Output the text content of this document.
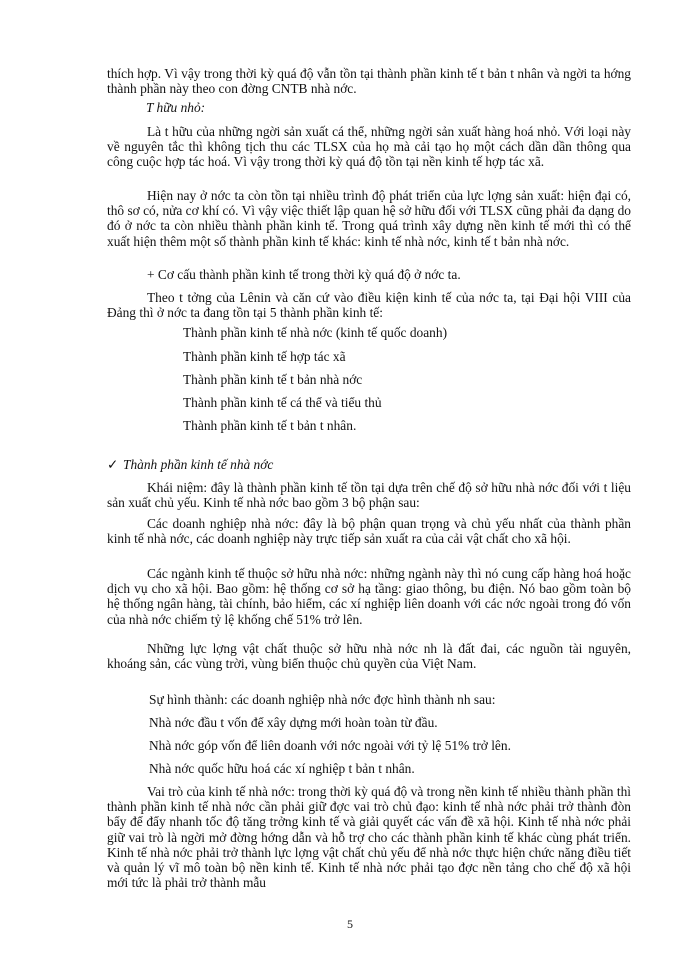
thích hợp. Vì vậy trong thời kỳ quá độ vẫn tồn tại thành phần kinh tế t bản t nhân và ngời ta hớng thành phần này theo con đờng CNTB nhà nớc.

T hữu nhỏ:

Là t hữu của những ngời sản xuất cá thể, những ngời sản xuất hàng hoá nhỏ. Với loại này về nguyên tắc thì không tịch thu các TLSX của họ mà cải tạo họ một cách dần dần thông qua công cuộc hợp tác hoá. Vì vậy trong thời kỳ quá độ tồn tại nền kinh tế hợp tác xã.

Hiện nay ở nớc ta còn tồn tại nhiều trình độ phát triển của lực lợng sản xuất: hiện đại có, thô sơ có, nửa cơ khí có. Vì vậy việc thiết lập quan hệ sở hữu đối với TLSX cũng phải đa dạng do đó ở nớc ta còn nhiều thành phần kinh tế. Trong quá trình xây dựng nền kinh tế mới thì có thể xuất hiện thêm một số thành phần kinh tế khác: kinh tế nhà nớc, kinh tế t bản nhà nớc.

+ Cơ cấu thành phần kinh tế trong thời kỳ quá độ ở nớc ta.

Theo t tởng của Lênin và căn cứ vào điều kiện kinh tế của nớc ta, tại Đại hội VIII của Đảng thì ở nớc ta đang tồn tại 5 thành phần kinh tế:

Thành phần kinh tế nhà nớc (kinh tế quốc doanh)

Thành phần kinh tế hợp tác xã

Thành phần kinh tế t bản nhà nớc

Thành phần kinh tế cá thể và tiểu thủ

Thành phần kinh tế t bản t nhân.

✓ Thành phần kinh tế nhà nớc

Khái niệm: đây là thành phần kinh tế tồn tại dựa trên chế độ sở hữu nhà nớc đối với t liệu sản xuất chủ yếu. Kinh tế nhà nớc bao gồm 3 bộ phận sau:

Các doanh nghiệp nhà nớc: đây là bộ phận quan trọng và chủ yếu nhất của thành phần kinh tế nhà nớc, các doanh nghiệp này trực tiếp sản xuất ra của cải vật chất cho xã hội.

Các ngành kinh tế thuộc sở hữu nhà nớc: những ngành này thì nó cung cấp hàng hoá hoặc dịch vụ cho xã hội. Bao gồm: hệ thống cơ sở hạ tầng: giao thông, bu điện. Nó bao gồm toàn bộ hệ thống ngân hàng, tài chính, bảo hiểm, các xí nghiệp liên doanh với các nớc ngoài trong đó vốn của nhà nớc chiếm tỷ lệ khống chế 51% trở lên.

Những lực lợng vật chất thuộc sở hữu nhà nớc nh là đất đai, các nguồn tài nguyên, khoáng sản, các vùng trời, vùng biển thuộc chủ quyền của Việt Nam.

Sự hình thành: các doanh nghiệp nhà nớc đợc hình thành nh sau:

Nhà nớc đầu t vốn để xây dựng mới hoàn toàn từ đầu.

Nhà nớc góp vốn để liên doanh với nớc ngoài với tỷ lệ 51% trở lên.

Nhà nớc quốc hữu hoá các xí nghiệp t bản t nhân.

Vai trò của kinh tế nhà nớc: trong thời kỳ quá độ và trong nền kinh tế nhiều thành phần thì thành phần kinh tế nhà nớc cần phải giữ đợc vai trò chủ đạo: kinh tế nhà nớc phải trở thành đòn bẩy để đẩy nhanh tốc độ tăng trởng kinh tế và giải quyết các vấn đề xã hội. Kinh tế nhà nớc phải giữ vai trò là ngời mở đờng hớng dẫn và hỗ trợ cho các thành phần kinh tế khác cùng phát triển. Kinh tế nhà nớc phải trở thành lực lợng vật chất chủ yếu để nhà nớc thực hiện chức năng điều tiết và quản lý vĩ mô toàn bộ nền kinh tế. Kinh tế nhà nớc phải tạo đợc nền tảng cho chế độ xã hội mới tức là phải trở thành mẫu

5
